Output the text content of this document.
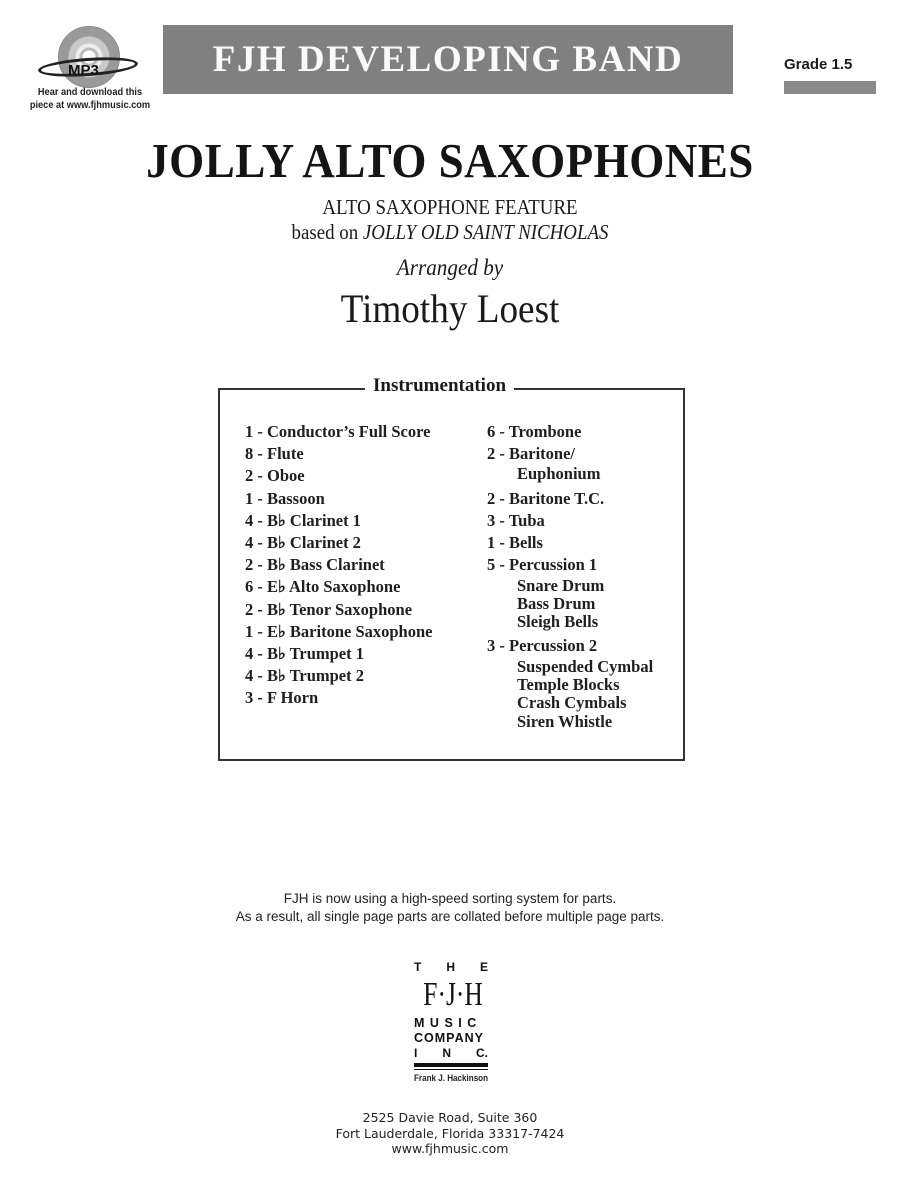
MP3
Hear and download this
piece at www.fjhmusic.com
FJH DEVELOPING BAND	Grade 1.5
JOLLY ALTO SAXOPHONES
ALTO SAXOPHONE FEATURE
based on JOLLY OLD SAINT NICHOLAS
Arranged by
Timothy Loest
Instrumentation
1 - Conductor’s Full Score
8 - Flute
2 - Oboe
1 - Bassoon
4 - B♭ Clarinet 1
4 - B♭ Clarinet 2
2 - B♭ Bass Clarinet
6 - E♭ Alto Saxophone
2 - B♭ Tenor Saxophone
1 - E♭ Baritone Saxophone
4 - B♭ Trumpet 1
4 - B♭ Trumpet 2
3 - F Horn
6 - Trombone
2 - Baritone/
Euphonium
2 - Baritone T.C.
3 - Tuba
1 - Bells
5 - Percussion 1
Snare Drum
Bass Drum
Sleigh Bells
3 - Percussion 2
Suspended Cymbal
Temple Blocks
Crash Cymbals
Siren Whistle
FJH is now using a high-speed sorting system for parts.
As a result, all single page parts are collated before multiple page parts.
T H E
F · J · H
MUSIC
COMPANY
I N C.
Frank J. Hackinson
2525 Davie Road, Suite 360
Fort Lauderdale, Florida 33317-7424
www.fjhmusic.com
